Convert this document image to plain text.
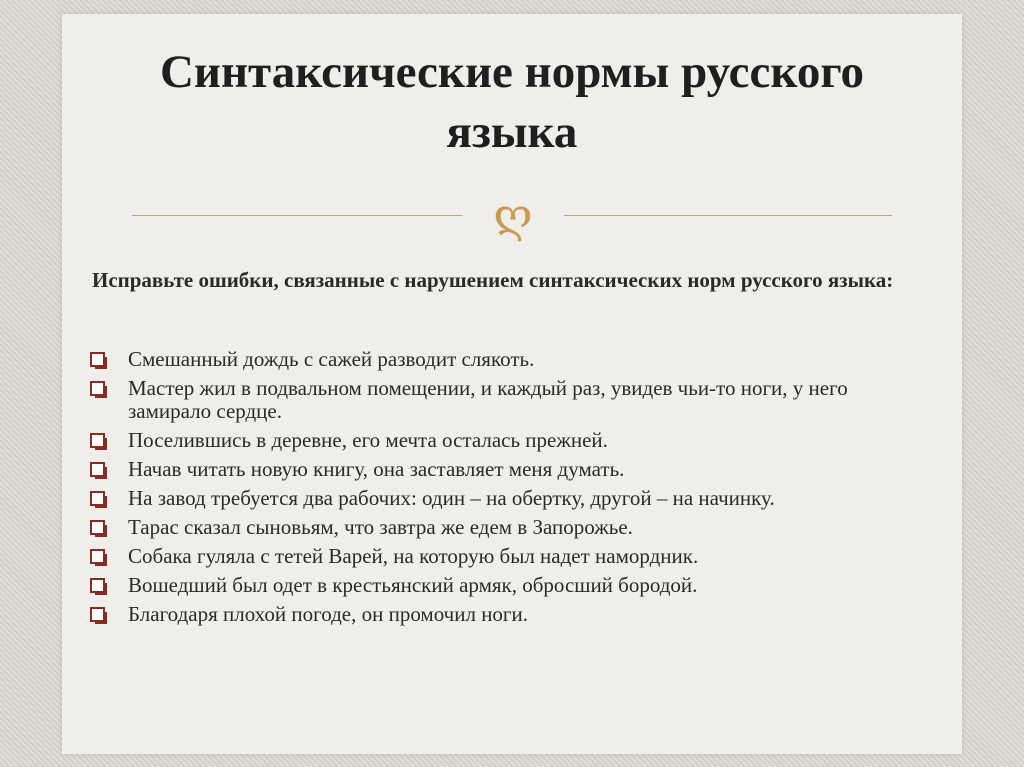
Синтаксические нормы русского
языка
ღ

Исправьте ошибки, связанные с нарушением синтаксических норм русского языка:

Смешанный дождь с сажей разводит слякоть.
Мастер жил в подвальном помещении, и каждый раз, увидев чьи-то ноги, у него замирало сердце.
Поселившись в деревне, его мечта осталась прежней.
Начав читать новую книгу, она заставляет меня думать.
На завод требуется два рабочих: один – на обертку, другой – на начинку.
Тарас сказал сыновьям, что завтра же едем в Запорожье.
Собака гуляла с тетей Варей, на которую был надет намордник.
Вошедший был одет в крестьянский армяк, обросший бородой.
Благодаря плохой погоде, он промочил ноги.
